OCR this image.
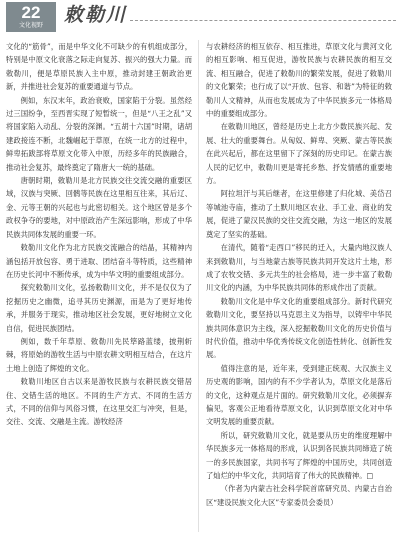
22
文化视野	敕勒川

文化的“筋骨”，而是中华文化不可缺少的有机组成部分，特别是中原文化衰落之际走向复苏、振兴的强大力量。而敕勒川，便是草原民族入主中原，推动封建王朝政治更新，并推进社会复苏的重要通道与节点。

例如，东汉末年，政治衰败，国家陷于分裂。虽然经过三国纷争，至西晋实现了短暂统一，但是“八王之乱”又将国家陷入动乱、分裂的深渊。“五胡十六国”时期，诸胡建政接连不断，北魏崛起于草原，在统一北方的过程中，鲜卑拓跋部将草原文化带入中原，历经多年的民族融合，推动社会复苏，最终奠定了隋唐大一统的基础。

唐朝时期，敕勒川是北方民族交往交流交融的重要区域，汉族与突厥、回鹘等民族在这里相互往来，其后辽、金、元等王朝的兴起也与此密切相关。这个地区曾是多个政权争夺的要地，对中原政治产生深远影响，形成了中华民族共同体发展的重要一环。

敕勒川文化作为北方民族交流融合的结晶，其精神内涵包括开放包容、勇于进取、团结奋斗等特质，这些精神在历史长河中不断传承，成为中华文明的重要组成部分。

探究敕勒川文化，弘扬敕勒川文化，并不是仅仅为了挖掘历史之幽微，追寻其历史渊源，而是为了更好地传承，并服务于现实，推动地区社会发展，更好地树立文化自信，促进民族团结。

例如，数千年草原、敕勒川先民筚路蓝缕，披荆斩棘，将原始的游牧生活与中原农耕文明相互结合，在这片土地上创造了辉煌的文化。

敕勒川地区自古以来是游牧民族与农耕民族交错居住、交错生活的地区。不同的生产方式、不同的生活方式，不同的信仰与风俗习惯，在这里交汇与冲突，但是，交往、交流、交融是主流。游牧经济

与农耕经济的相互依存、相互推进，草原文化与黄河文化的相互影响、相互促进，游牧民族与农耕民族的相互交流、相互融合，促进了敕勒川的繁荣发展，促进了敕勒川的文化繁荣；也行成了以“开放、包容、和谐”为特征的敕勒川人文精神，从而也发展成为了中华民族多元一体格局中的重要组成部分。

在敕勒川地区，曾经是历史上北方少数民族兴起、发展、壮大的重要舞台。从匈奴、鲜卑、突厥、蒙古等民族在此兴起后，都在这里留下了深刻的历史印记。在蒙古族人民的记忆中，敕勒川更是寄托乡愁、抒发情感的重要地方。

阿拉坦汗与其后继者，在这里修建了归化城、美岱召等城池寺庙，推动了土默川地区农业、手工业、商业的发展，促进了蒙汉民族的交往交流交融，为这一地区的发展奠定了坚实的基础。

在清代，随着“走西口”移民的迁入，大量内地汉族人来到敕勒川，与当地蒙古族等民族共同开发这片土地，形成了农牧交错、多元共生的社会格局，进一步丰富了敕勒川文化的内涵，为中华民族共同体的形成作出了贡献。

敕勒川文化是中华文化的重要组成部分。新时代研究敕勒川文化，要坚持以马克思主义为指导，以铸牢中华民族共同体意识为主线，深入挖掘敕勒川文化的历史价值与时代价值，推动中华优秀传统文化创造性转化、创新性发展。

值得注意的是，近年来，受到建正统观、大汉族主义历史观的影响，国内的有不少学者认为，草原文化是落后的文化，这种观点是片面的。研究敕勒川文化，必须摒弃偏见，客观公正地看待草原文化，认识到草原文化对中华文明发展的重要贡献。

所以，研究敕勒川文化，就是要从历史的维度理解中华民族多元一体格局的形成，认识到各民族共同缔造了统一的多民族国家，共同书写了辉煌的中国历史，共同创造了灿烂的中华文化，共同培育了伟大的民族精神。□

（作者为内蒙古社会科学院首席研究员、内蒙古自治区“建设民族文化大区”专家委员会委员）
